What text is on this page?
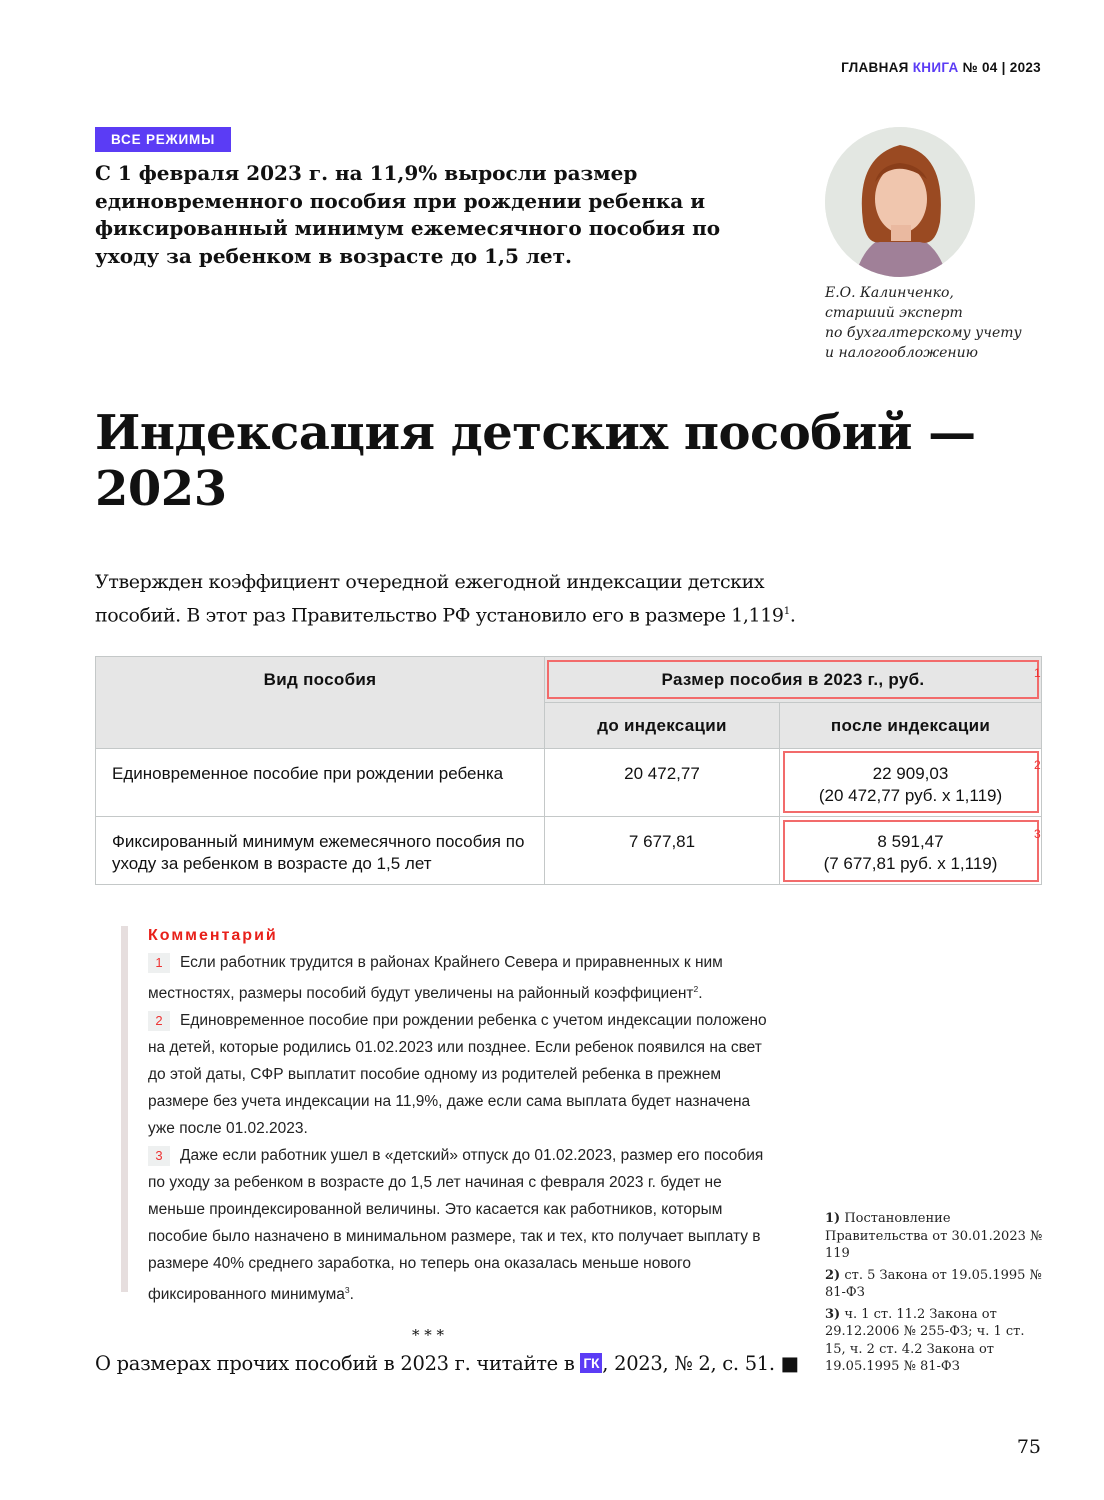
ГЛАВНАЯ КНИГА № 04 | 2023
ВСЕ РЕЖИМЫ
С 1 февраля 2023 г. на 11,9% выросли размер единовременного пособия при рождении ребенка и фиксированный минимум ежемесячного пособия по уходу за ребенком в возрасте до 1,5 лет.
Е.О. Калинченко,
старший эксперт
по бухгалтерскому учету
и налогообложению
Индексация детских пособий —
2023

Утвержден коэффициент очередной ежегодной индексации детских пособий. В этот раз Правительство РФ установило его в размере 1,119$^1$.

Вид пособия	Размер пособия в 2023 г., руб.	
	до индексации	после индексации
Единовременное пособие при рождении ребенка	20 472,77	22 909,03
(20 472,77 руб. х 1,119)

Фиксированный минимум ежемесячного пособия по уходу за ребенком в возрасте до 1,5 лет	7 677,81	8 591,47
(7 677,81 руб. х 1,119)
1
2
3
Комментарий

1 Если работник трудится в районах Крайнего Севера и приравненных к ним местностях, размеры пособий будут увеличены на районный коэффициент$^2$.

2 Единовременное пособие при рождении ребенка с учетом индексации положено на детей, которые родились 01.02.2023 или позднее. Если ребенок появился на свет до этой даты, СФР выплатит пособие одному из родителей ребенка в прежнем размере без учета индексации на 11,9%, даже если сама выплата будет назначена уже после 01.02.2023.

3 Даже если работник ушел в «детский» отпуск до 01.02.2023, размер его пособия по уходу за ребенком в возрасте до 1,5 лет начиная с февраля 2023 г. будет не меньше проиндексированной величины. Это касается как работников, которым пособие было назначено в минимальном размере, так и тех, кто получает выплату в размере 40% среднего заработка, но теперь она оказалась меньше нового фиксированного минимума$^3$.

* * *

О размерах прочих пособий в 2023 г. читайте в ГК , 2023, № 2, с. 51. ■

1) Постановление Правительства от 30.01.2023 № 119

2) ст. 5 Закона от 19.05.1995 № 81-ФЗ

3) ч. 1 ст. 11.2 Закона от 29.12.2006 № 255-ФЗ; ч. 1 ст. 15, ч. 2 ст. 4.2 Закона от 19.05.1995 № 81-ФЗ

75
